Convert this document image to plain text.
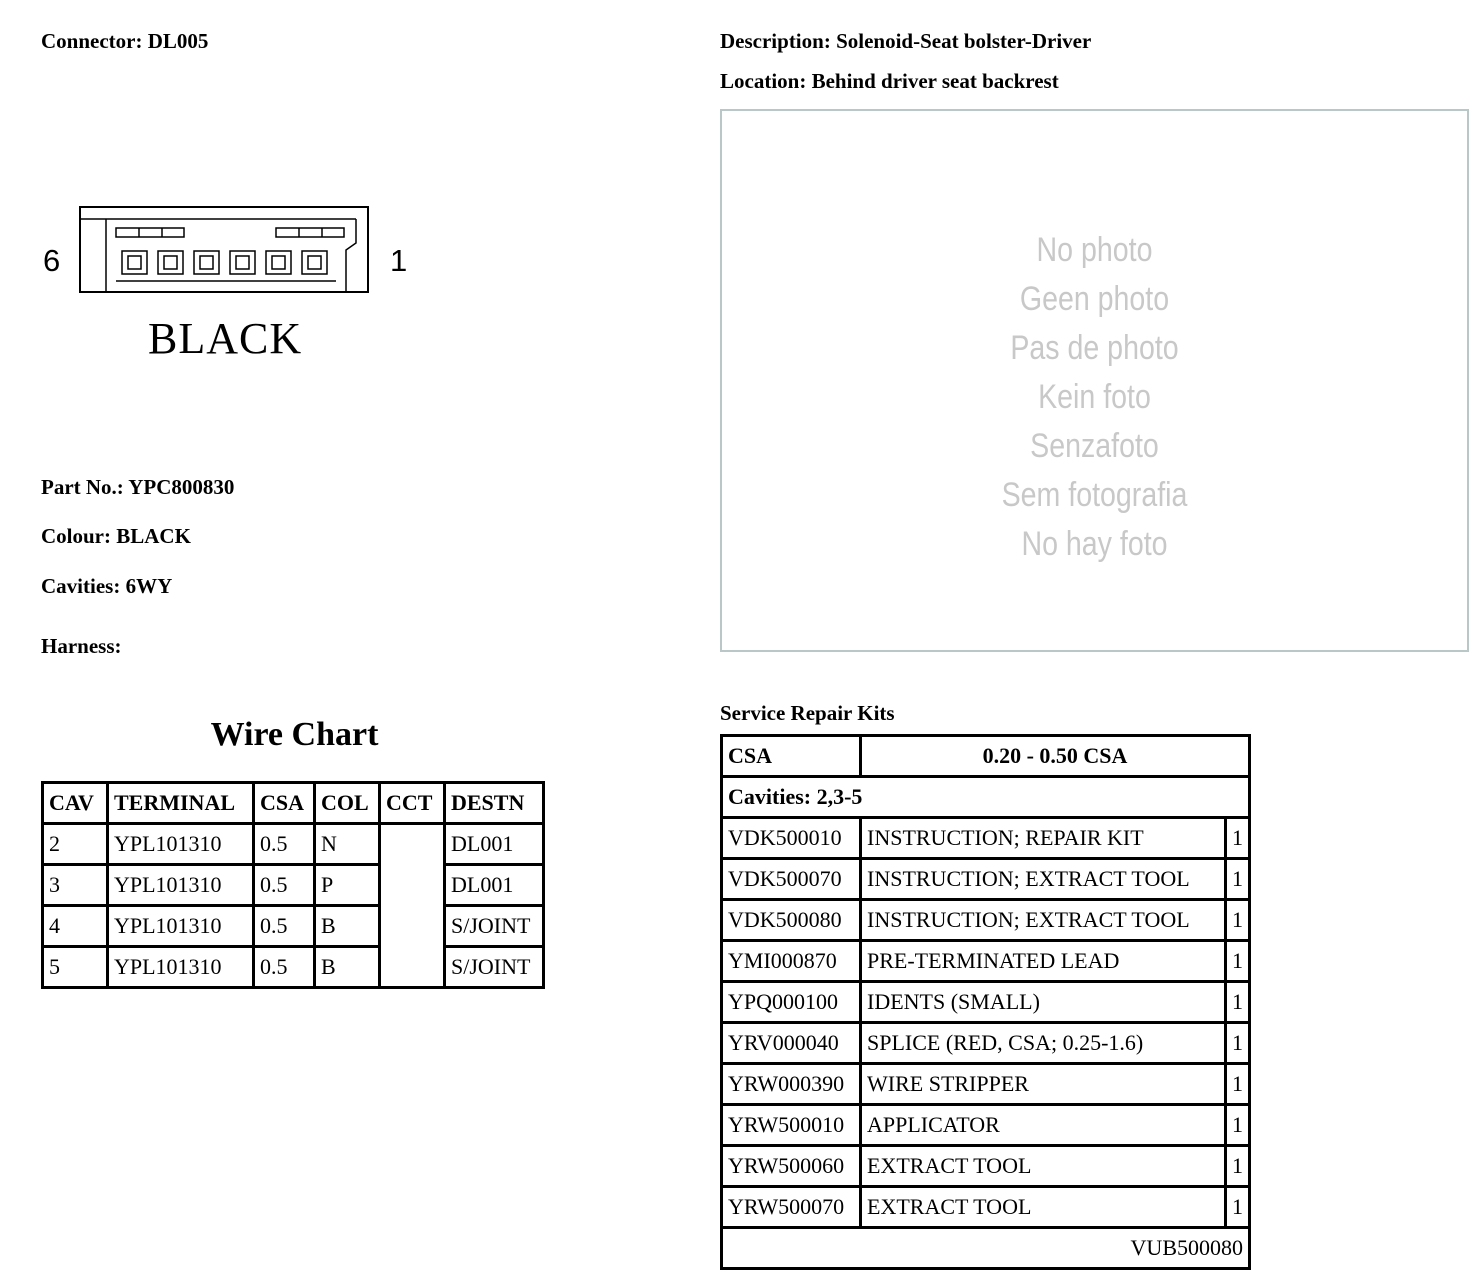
Connector: DL005	Description: Solenoid-Seat bolster-Driver
Location: Behind driver seat backrest
6	1
BLACK
Part No.: YPC800830
Colour: BLACK
Cavities: 6WY
Harness:
No photo
Geen photo
Pas de photo
Kein foto
Senzafoto
Sem fotografia
No hay foto
Wire Chart
CAV	TERMINAL	CSA	COL	CCT	DESTN
2	YPL101310	0.5	N		DL001
3	YPL101310	0.5	P		DL001
4	YPL101310	0.5	B		S/JOINT
5	YPL101310	0.5	B		S/JOINT
Service Repair Kits
CSA	0.20 - 0.50 CSA	
Cavities: 2,3-5		
VDK500010	INSTRUCTION; REPAIR KIT	1
VDK500070	INSTRUCTION; EXTRACT TOOL	1
VDK500080	INSTRUCTION; EXTRACT TOOL	1
YMI000870	PRE-TERMINATED LEAD	1
YPQ000100	IDENTS (SMALL)	1
YRV000040	SPLICE (RED, CSA; 0.25-1.6)	1
YRW000390	WIRE STRIPPER	1
YRW500010	APPLICATOR	1
YRW500060	EXTRACT TOOL	1
YRW500070	EXTRACT TOOL	1
VUB500080		
